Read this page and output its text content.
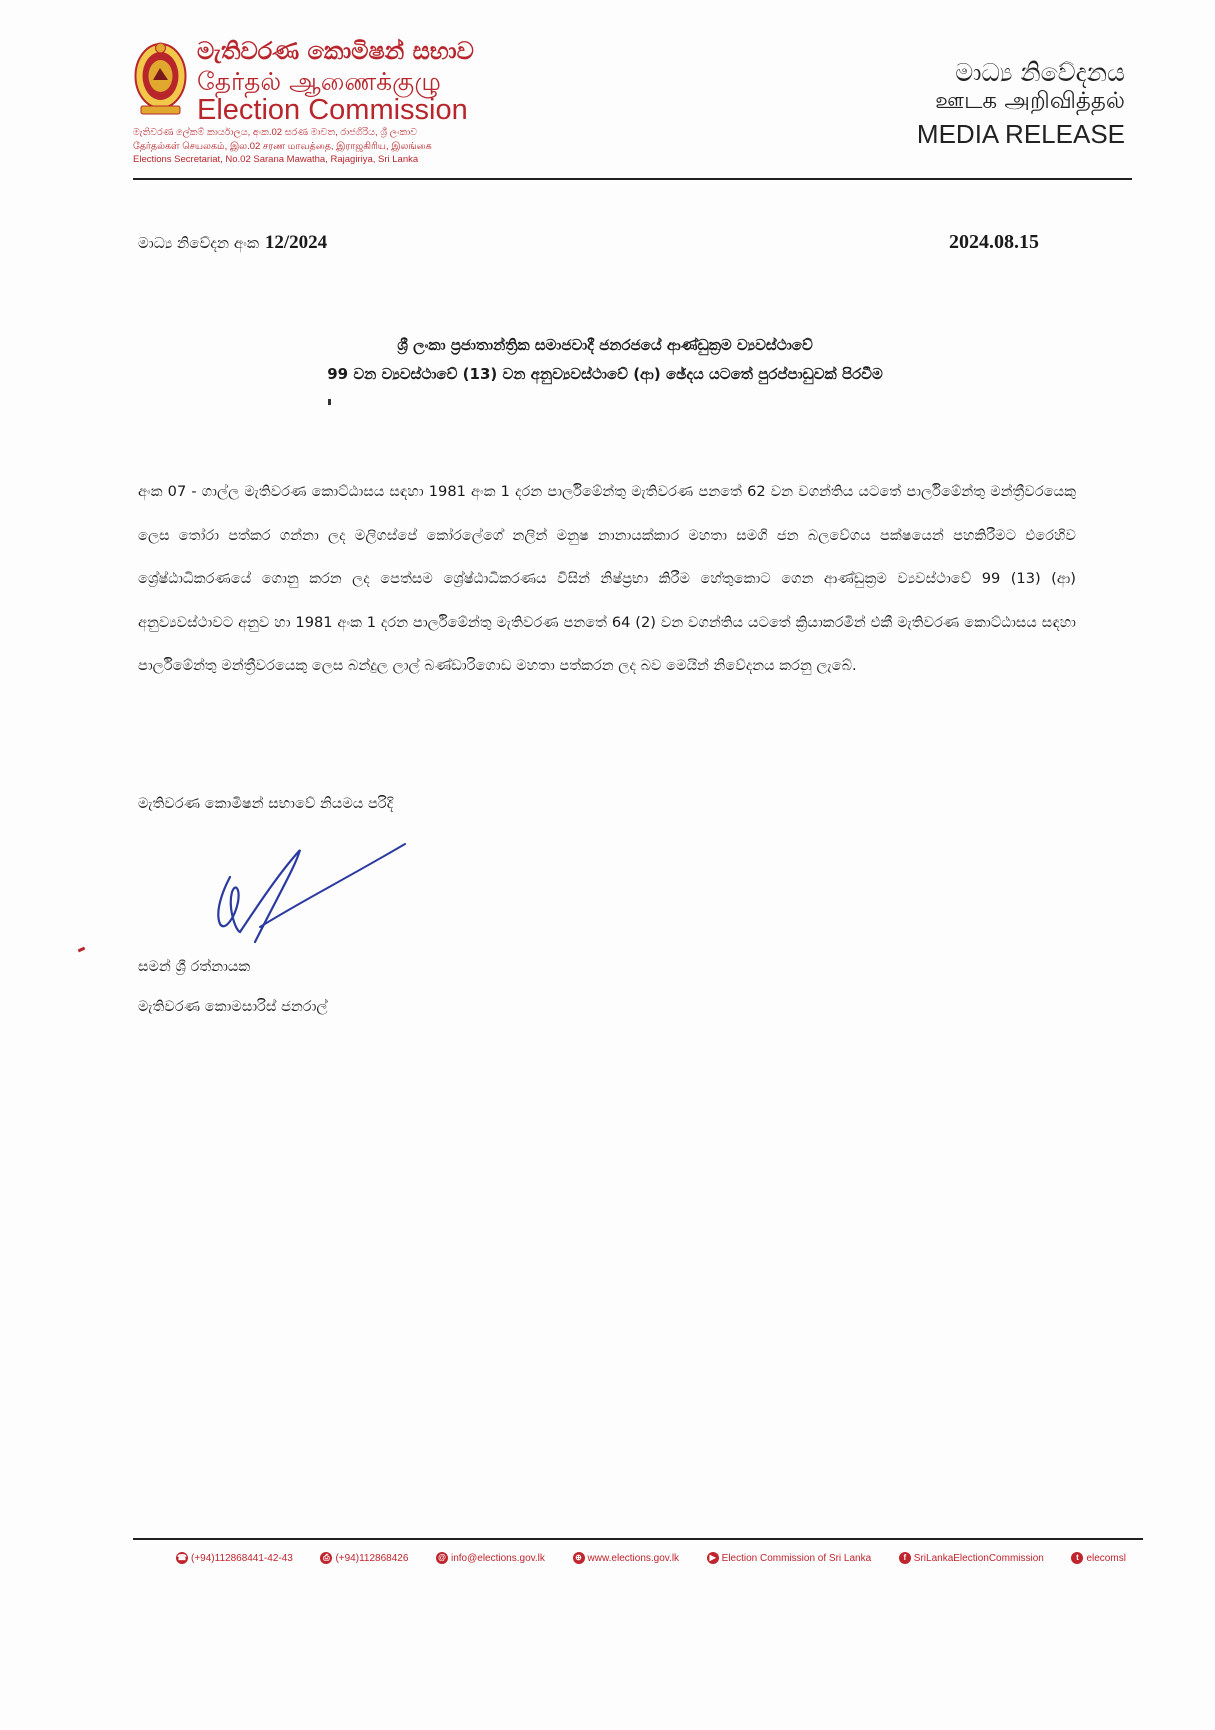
මැතිවරණ කොමිෂන් සභාව
தேர்தல் ஆணைக்குழு
Election Commission
මැතිවරණ ලේකම් කාර්යාලය, අංක.02 සරණ මාවත, රාජගිරිය, ශ්‍රී ලංකාව
தேர்தல்கள் செயலகம், இல.02 சரண மாவத்தை, இராஜகிரிய, இலங்கை
Elections Secretariat, No.02 Sarana Mawatha, Rajagiriya, Sri Lanka
මාධ්‍ය නිවේදනය
ஊடக அறிவித்தல்
MEDIA RELEASE
මාධ්‍ය නිවේදන අංක 12/2024	2024.08.15
ශ්‍රී ලංකා ප්‍රජාතාන්ත්‍රික සමාජවාදී ජනරජයේ ආණ්ඩුක්‍රම ව්‍යවස්ථාවේ
99 වන ව්‍යවස්ථාවේ (13) වන අනුව්‍යවස්ථාවේ (ආ) ඡේදය යටතේ පුරප්පාඩුවක් පිරවීම
අංක 07 - ගාල්ල මැතිවරණ කොට්ඨාසය සඳහා 1981 අංක 1 දරන පාර්ලිමේන්තු මැතිවරණ පනතේ 62 වන වගන්තිය යටතේ පාර්ලිමේන්තු මන්ත්‍රීවරයෙකු ලෙස තෝරා පත්කර ගන්නා ලද මලිගස්පේ කෝරලේගේ නලින් මනුෂ නානායක්කාර මහතා සමගි ජන බලවේගය පක්ෂයෙන් පහකිරීමට එරෙහිව ශ්‍රේෂ්ඨාධිකරණයේ ගොනු කරන ලද පෙත්සම ශ්‍රේෂ්ඨාධිකරණය විසින් නිෂ්ප්‍රභා කිරීම හේතුකොට ගෙන ආණ්ඩුක්‍රම ව්‍යවස්ථාවේ 99 (13) (ආ) අනුව්‍යවස්ථාවට අනුව හා 1981 අංක 1 දරන පාර්ලිමේන්තු මැතිවරණ පනතේ 64 (2) වන වගන්තිය යටතේ ක්‍රියාකරමින් එකී මැතිවරණ කොට්ඨාසය සඳහා පාර්ලිමේන්තු මන්ත්‍රීවරයෙකු ලෙස බන්දුල ලාල් බණ්ඩාරිගොඩ මහතා පත්කරන ලද බව මෙයින් නිවේදනය කරනු ලැබේ.
මැතිවරණ කොමිෂන් සභාවේ නියමය පරිදි
සමන් ශ්‍රී රත්නායක
මැතිවරණ කොමසාරිස් ජනරාල්
☎ (+94)112868441-42-43	⎙ (+94)112868426	@ info@elections.gov.lk	⊕ www.elections.gov.lk	▶ Election Commission of Sri Lanka	f SriLankaElectionCommission	t elecomsl
